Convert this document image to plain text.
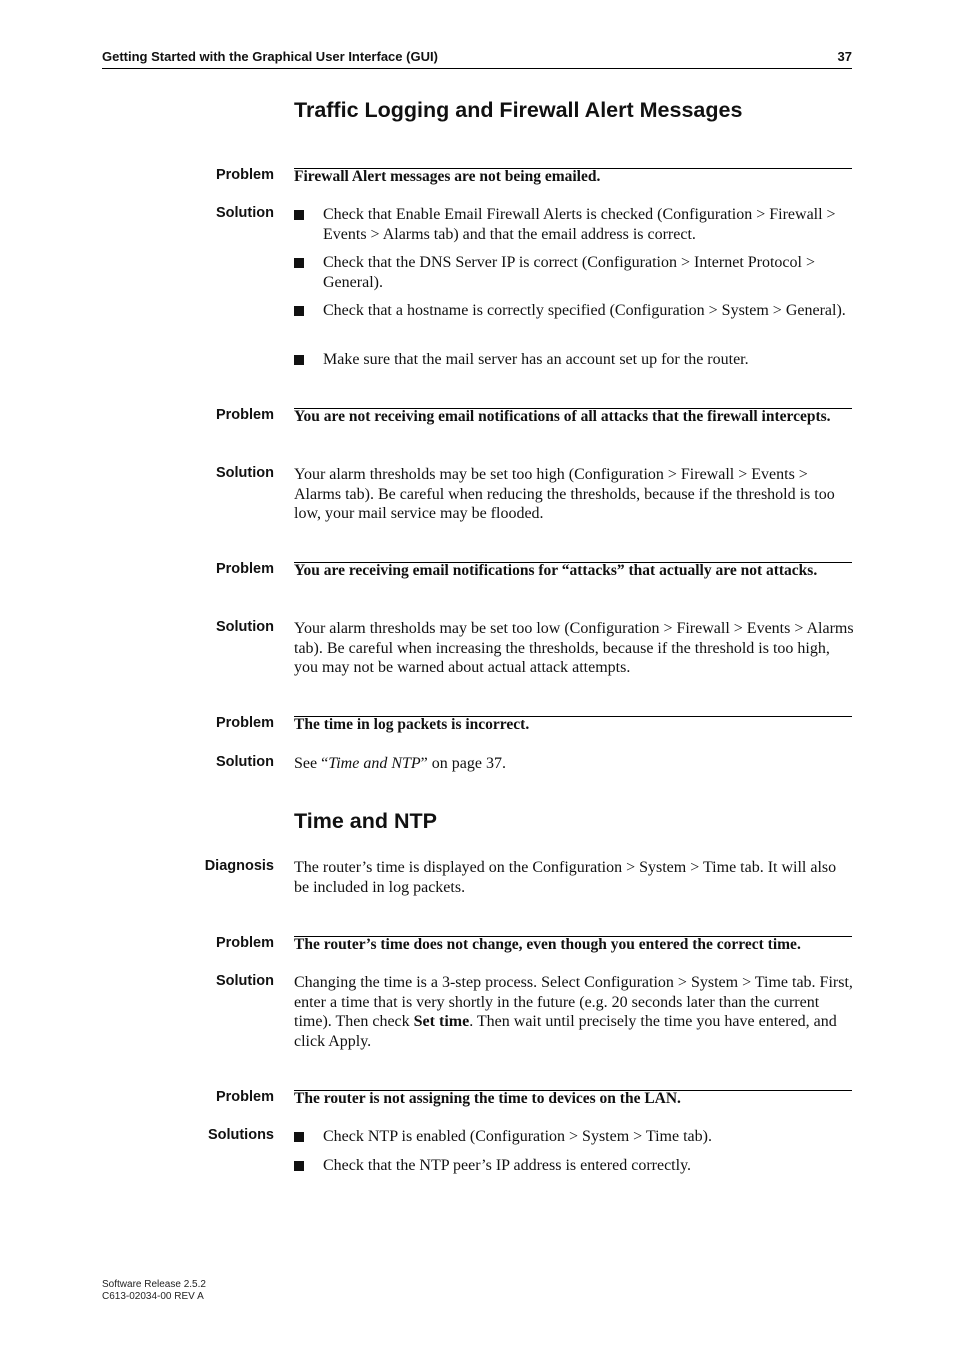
Getting Started with the Graphical User Interface (GUI)	37
Traffic Logging and Firewall Alert Messages
Problem Firewall Alert messages are not being emailed.
Solution	Check that Enable Email Firewall Alerts is checked (Configuration > Firewall > Events > Alarms tab) and that the email address is correct.
Check that the DNS Server IP is correct (Configuration > Internet Protocol > General).
Check that a hostname is correctly specified (Configuration > System > General).
Make sure that the mail server has an account set up for the router.
Problem You are not receiving email notifications of all attacks that the firewall intercepts.
Solution Your alarm thresholds may be set too high (Configuration > Firewall > Events > Alarms tab). Be careful when reducing the thresholds, because if the threshold is too low, your mail service may be flooded.
Problem You are receiving email notifications for “attacks” that actually are not attacks.
Solution Your alarm thresholds may be set too low (Configuration > Firewall > Events > Alarms tab). Be careful when increasing the thresholds, because if the threshold is too high, you may not be warned about actual attack attempts.
Problem The time in log packets is incorrect.
Solution See “Time and NTP” on page 37.
Time and NTP
Diagnosis The router’s time is displayed on the Configuration > System > Time tab. It will also be included in log packets.
Problem The router’s time does not change, even though you entered the correct time.
Solution Changing the time is a 3-step process. Select Configuration > System > Time tab. First, enter a time that is very shortly in the future (e.g. 20 seconds later than the current time). Then check Set time. Then wait until precisely the time you have entered, and click Apply.
Problem The router is not assigning the time to devices on the LAN.
Solutions	Check NTP is enabled (Configuration > System > Time tab).
Check that the NTP peer’s IP address is entered correctly.
Software Release 2.5.2
C613-02034-00 REV A
